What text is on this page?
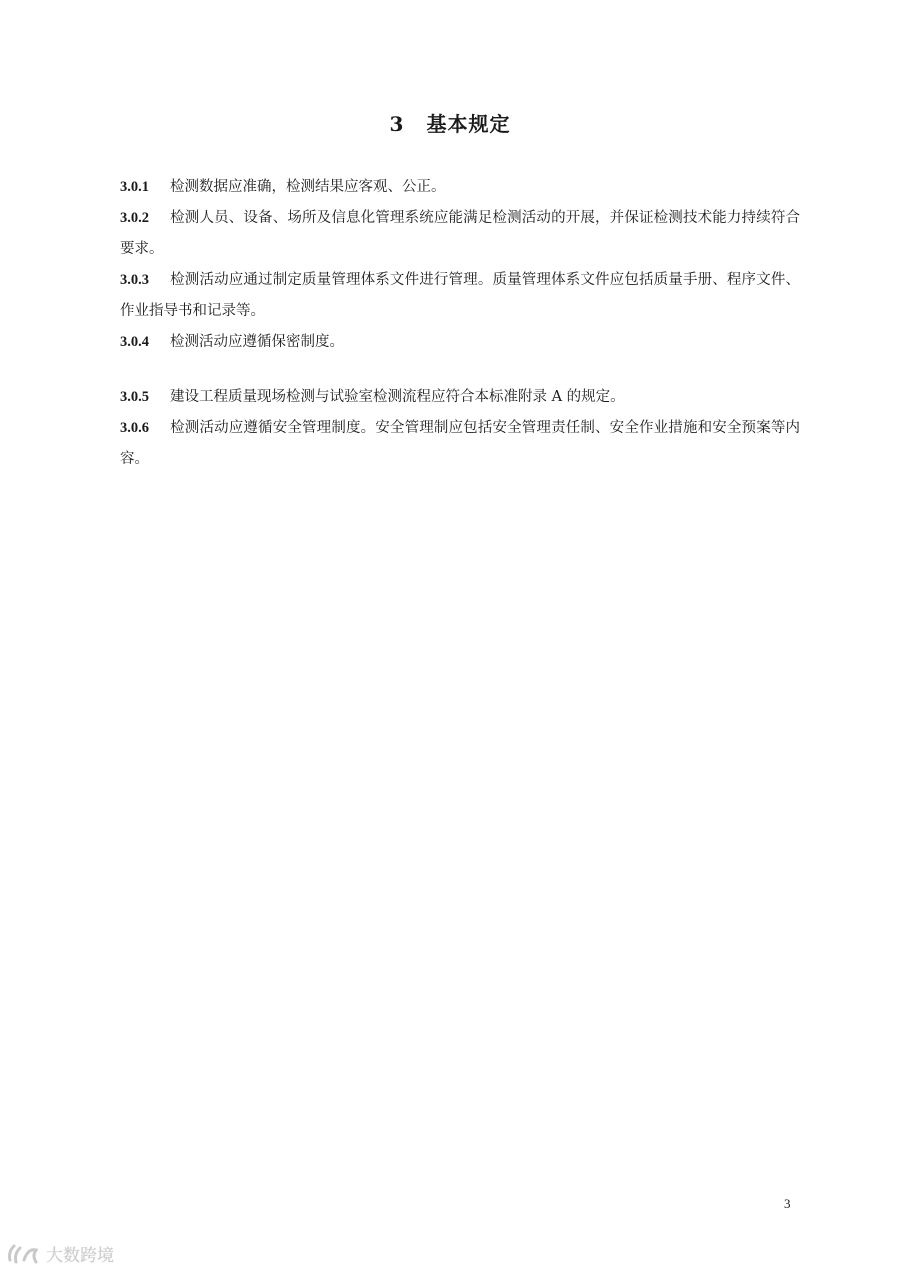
3 基本规定

3.0.1 检测数据应准确，检测结果应客观、公正。

3.0.2 检测人员、设备、场所及信息化管理系统应能满足检测活动的开展，并保证检测技术能力持续符合要求。

3.0.3 检测活动应通过制定质量管理体系文件进行管理。质量管理体系文件应包括质量手册、程序文件、作业指导书和记录等。

3.0.4 检测活动应遵循保密制度。

3.0.5 建设工程质量现场检测与试验室检测流程应符合本标准附录 A 的规定。

3.0.6 检测活动应遵循安全管理制度。安全管理制应包括安全管理责任制、安全作业措施和安全预案等内容。

3
大数跨境
